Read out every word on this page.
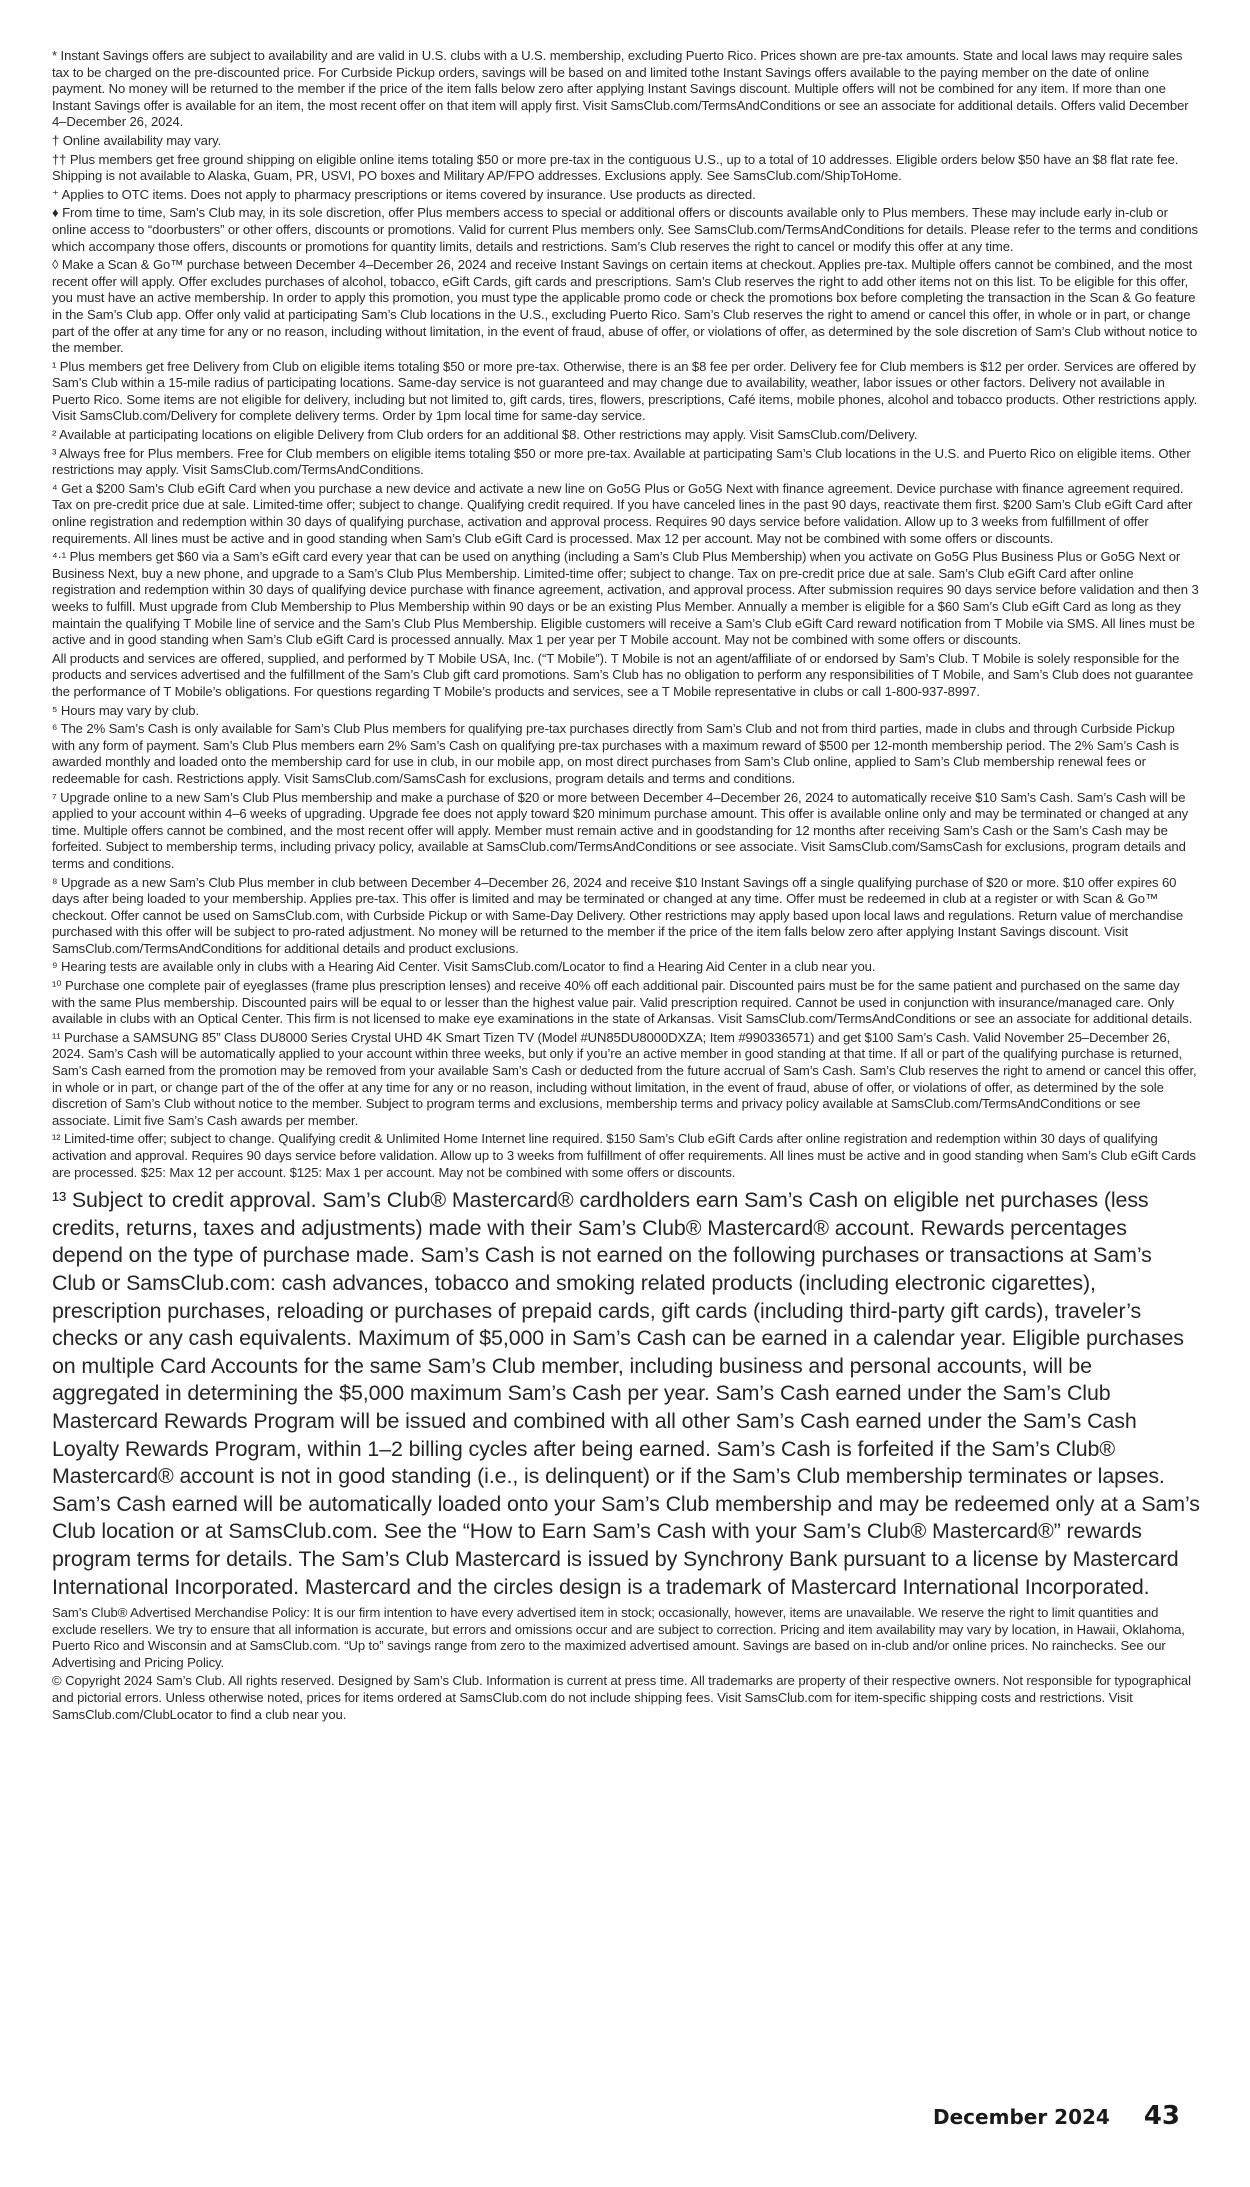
* Instant Savings offers are subject to availability and are valid in U.S. clubs with a U.S. membership, excluding Puerto Rico. Prices shown are pre-tax amounts. State and local laws may require sales tax to be charged on the pre-discounted price. For Curbside Pickup orders, savings will be based on and limited tothe Instant Savings offers available to the paying member on the date of online payment. No money will be returned to the member if the price of the item falls below zero after applying Instant Savings discount. Multiple offers will not be combined for any item. If more than one Instant Savings offer is available for an item, the most recent offer on that item will apply first. Visit SamsClub.com/TermsAndConditions or see an associate for additional details. Offers valid December 4–December 26, 2024.

† Online availability may vary.

†† Plus members get free ground shipping on eligible online items totaling $50 or more pre-tax in the contiguous U.S., up to a total of 10 addresses. Eligible orders below $50 have an $8 flat rate fee. Shipping is not available to Alaska, Guam, PR, USVI, PO boxes and Military AP/FPO addresses. Exclusions apply. See SamsClub.com/ShipToHome.

⁺ Applies to OTC items. Does not apply to pharmacy prescriptions or items covered by insurance. Use products as directed.

♦ From time to time, Sam’s Club may, in its sole discretion, offer Plus members access to special or additional offers or discounts available only to Plus members. These may include early in-club or online access to “doorbusters” or other offers, discounts or promotions. Valid for current Plus members only. See SamsClub.com/TermsAndConditions for details. Please refer to the terms and conditions which accompany those offers, discounts or promotions for quantity limits, details and restrictions. Sam’s Club reserves the right to cancel or modify this offer at any time.

◊ Make a Scan & Go™ purchase between December 4–December 26, 2024 and receive Instant Savings on certain items at checkout. Applies pre-tax. Multiple offers cannot be combined, and the most recent offer will apply. Offer excludes purchases of alcohol, tobacco, eGift Cards, gift cards and prescriptions. Sam’s Club reserves the right to add other items not on this list. To be eligible for this offer, you must have an active membership. In order to apply this promotion, you must type the applicable promo code or check the promotions box before completing the transaction in the Scan & Go feature in the Sam’s Club app. Offer only valid at participating Sam’s Club locations in the U.S., excluding Puerto Rico. Sam’s Club reserves the right to amend or cancel this offer, in whole or in part, or change part of the offer at any time for any or no reason, including without limitation, in the event of fraud, abuse of offer, or violations of offer, as determined by the sole discretion of Sam’s Club without notice to the member.

¹ Plus members get free Delivery from Club on eligible items totaling $50 or more pre-tax. Otherwise, there is an $8 fee per order. Delivery fee for Club members is $12 per order. Services are offered by Sam’s Club within a 15-mile radius of participating locations. Same-day service is not guaranteed and may change due to availability, weather, labor issues or other factors. Delivery not available in Puerto Rico. Some items are not eligible for delivery, including but not limited to, gift cards, tires, flowers, prescriptions, Café items, mobile phones, alcohol and tobacco products. Other restrictions apply. Visit SamsClub.com/Delivery for complete delivery terms. Order by 1pm local time for same-day service.

² Available at participating locations on eligible Delivery from Club orders for an additional $8. Other restrictions may apply. Visit SamsClub.com/Delivery.

³ Always free for Plus members. Free for Club members on eligible items totaling $50 or more pre-tax. Available at participating Sam’s Club locations in the U.S. and Puerto Rico on eligible items. Other restrictions may apply. Visit SamsClub.com/TermsAndConditions.

⁴ Get a $200 Sam’s Club eGift Card when you purchase a new device and activate a new line on Go5G Plus or Go5G Next with finance agreement. Device purchase with finance agreement required. Tax on pre-credit price due at sale. Limited-time offer; subject to change. Qualifying credit required. If you have canceled lines in the past 90 days, reactivate them first. $200 Sam’s Club eGift Card after online registration and redemption within 30 days of qualifying purchase, activation and approval process. Requires 90 days service before validation. Allow up to 3 weeks from fulfillment of offer requirements. All lines must be active and in good standing when Sam’s Club eGift Card is processed. Max 12 per account. May not be combined with some offers or discounts.

⁴·¹ Plus members get $60 via a Sam’s eGift card every year that can be used on anything (including a Sam’s Club Plus Membership) when you activate on Go5G Plus Business Plus or Go5G Next or Business Next, buy a new phone, and upgrade to a Sam’s Club Plus Membership. Limited-time offer; subject to change. Tax on pre-credit price due at sale. Sam’s Club eGift Card after online registration and redemption within 30 days of qualifying device purchase with finance agreement, activation, and approval process. After submission requires 90 days service before validation and then 3 weeks to fulfill. Must upgrade from Club Membership to Plus Membership within 90 days or be an existing Plus Member. Annually a member is eligible for a $60 Sam’s Club eGift Card as long as they maintain the qualifying T Mobile line of service and the Sam’s Club Plus Membership. Eligible customers will receive a Sam’s Club eGift Card reward notification from T Mobile via SMS. All lines must be active and in good standing when Sam’s Club eGift Card is processed annually. Max 1 per year per T Mobile account. May not be combined with some offers or discounts.

All products and services are offered, supplied, and performed by T Mobile USA, Inc. (“T Mobile”). T Mobile is not an agent/affiliate of or endorsed by Sam’s Club. T Mobile is solely responsible for the products and services advertised and the fulfillment of the Sam’s Club gift card promotions. Sam’s Club has no obligation to perform any responsibilities of T Mobile, and Sam’s Club does not guarantee the performance of T Mobile’s obligations. For questions regarding T Mobile’s products and services, see a T Mobile representative in clubs or call 1-800-937-8997.

⁵ Hours may vary by club.

⁶ The 2% Sam’s Cash is only available for Sam’s Club Plus members for qualifying pre-tax purchases directly from Sam’s Club and not from third parties, made in clubs and through Curbside Pickup with any form of payment. Sam’s Club Plus members earn 2% Sam’s Cash on qualifying pre-tax purchases with a maximum reward of $500 per 12-month membership period. The 2% Sam’s Cash is awarded monthly and loaded onto the membership card for use in club, in our mobile app, on most direct purchases from Sam’s Club online, applied to Sam’s Club membership renewal fees or redeemable for cash. Restrictions apply. Visit SamsClub.com/SamsCash for exclusions, program details and terms and conditions.

⁷ Upgrade online to a new Sam’s Club Plus membership and make a purchase of $20 or more between December 4–December 26, 2024 to automatically receive $10 Sam’s Cash. Sam’s Cash will be applied to your account within 4–6 weeks of upgrading. Upgrade fee does not apply toward $20 minimum purchase amount. This offer is available online only and may be terminated or changed at any time. Multiple offers cannot be combined, and the most recent offer will apply. Member must remain active and in goodstanding for 12 months after receiving Sam’s Cash or the Sam’s Cash may be forfeited. Subject to membership terms, including privacy policy, available at SamsClub.com/TermsAndConditions or see associate. Visit SamsClub.com/SamsCash for exclusions, program details and terms and conditions.

⁸ Upgrade as a new Sam’s Club Plus member in club between December 4–December 26, 2024 and receive $10 Instant Savings off a single qualifying purchase of $20 or more. $10 offer expires 60 days after being loaded to your membership. Applies pre-tax. This offer is limited and may be terminated or changed at any time. Offer must be redeemed in club at a register or with Scan & Go™ checkout. Offer cannot be used on SamsClub.com, with Curbside Pickup or with Same-Day Delivery. Other restrictions may apply based upon local laws and regulations. Return value of merchandise purchased with this offer will be subject to pro-rated adjustment. No money will be returned to the member if the price of the item falls below zero after applying Instant Savings discount. Visit SamsClub.com/TermsAndConditions for additional details and product exclusions.

⁹ Hearing tests are available only in clubs with a Hearing Aid Center. Visit SamsClub.com/Locator to find a Hearing Aid Center in a club near you.

¹⁰ Purchase one complete pair of eyeglasses (frame plus prescription lenses) and receive 40% off each additional pair. Discounted pairs must be for the same patient and purchased on the same day with the same Plus membership. Discounted pairs will be equal to or lesser than the highest value pair. Valid prescription required. Cannot be used in conjunction with insurance/managed care. Only available in clubs with an Optical Center. This firm is not licensed to make eye examinations in the state of Arkansas. Visit SamsClub.com/TermsAndConditions or see an associate for additional details.

¹¹ Purchase a SAMSUNG 85” Class DU8000 Series Crystal UHD 4K Smart Tizen TV (Model #UN85DU8000DXZA; Item #990336571) and get $100 Sam’s Cash. Valid November 25–December 26, 2024. Sam’s Cash will be automatically applied to your account within three weeks, but only if you’re an active member in good standing at that time. If all or part of the qualifying purchase is returned, Sam’s Cash earned from the promotion may be removed from your available Sam’s Cash or deducted from the future accrual of Sam’s Cash. Sam’s Club reserves the right to amend or cancel this offer, in whole or in part, or change part of the of the offer at any time for any or no reason, including without limitation, in the event of fraud, abuse of offer, or violations of offer, as determined by the sole discretion of Sam’s Club without notice to the member. Subject to program terms and exclusions, membership terms and privacy policy available at SamsClub.com/TermsAndConditions or see associate. Limit five Sam’s Cash awards per member.

¹² Limited-time offer; subject to change. Qualifying credit & Unlimited Home Internet line required. $150 Sam’s Club eGift Cards after online registration and redemption within 30 days of qualifying activation and approval. Requires 90 days service before validation. Allow up to 3 weeks from fulfillment of offer requirements. All lines must be active and in good standing when Sam’s Club eGift Cards are processed. $25: Max 12 per account. $125: Max 1 per account. May not be combined with some offers or discounts.

¹³ Subject to credit approval. Sam’s Club® Mastercard® cardholders earn Sam’s Cash on eligible net purchases (less credits, returns, taxes and adjustments) made with their Sam’s Club® Mastercard® account. Rewards percentages depend on the type of purchase made. Sam’s Cash is not earned on the following purchases or transactions at Sam’s Club or SamsClub.com: cash advances, tobacco and smoking related products (including electronic cigarettes), prescription purchases, reloading or purchases of prepaid cards, gift cards (including third-party gift cards), traveler’s checks or any cash equivalents. Maximum of $5,000 in Sam’s Cash can be earned in a calendar year. Eligible purchases on multiple Card Accounts for the same Sam’s Club member, including business and personal accounts, will be aggregated in determining the $5,000 maximum Sam’s Cash per year. Sam’s Cash earned under the Sam’s Club Mastercard Rewards Program will be issued and combined with all other Sam’s Cash earned under the Sam’s Cash Loyalty Rewards Program, within 1–2 billing cycles after being earned. Sam’s Cash is forfeited if the Sam’s Club® Mastercard® account is not in good standing (i.e., is delinquent) or if the Sam’s Club membership terminates or lapses. Sam’s Cash earned will be automatically loaded onto your Sam’s Club membership and may be redeemed only at a Sam’s Club location or at SamsClub.com. See the “How to Earn Sam’s Cash with your Sam’s Club® Mastercard®” rewards program terms for details. The Sam’s Club Mastercard is issued by Synchrony Bank pursuant to a license by Mastercard International Incorporated. Mastercard and the circles design is a trademark of Mastercard International Incorporated.

Sam’s Club® Advertised Merchandise Policy: It is our firm intention to have every advertised item in stock; occasionally, however, items are unavailable. We reserve the right to limit quantities and exclude resellers. We try to ensure that all information is accurate, but errors and omissions occur and are subject to correction. Pricing and item availability may vary by location, in Hawaii, Oklahoma, Puerto Rico and Wisconsin and at SamsClub.com. “Up to” savings range from zero to the maximized advertised amount. Savings are based on in-club and/or online prices. No rainchecks. See our Advertising and Pricing Policy.

© Copyright 2024 Sam’s Club. All rights reserved. Designed by Sam’s Club. Information is current at press time. All trademarks are property of their respective owners. Not responsible for typographical and pictorial errors. Unless otherwise noted, prices for items ordered at SamsClub.com do not include shipping fees. Visit SamsClub.com for item-specific shipping costs and restrictions. Visit SamsClub.com/ClubLocator to find a club near you.

December 2024 43
